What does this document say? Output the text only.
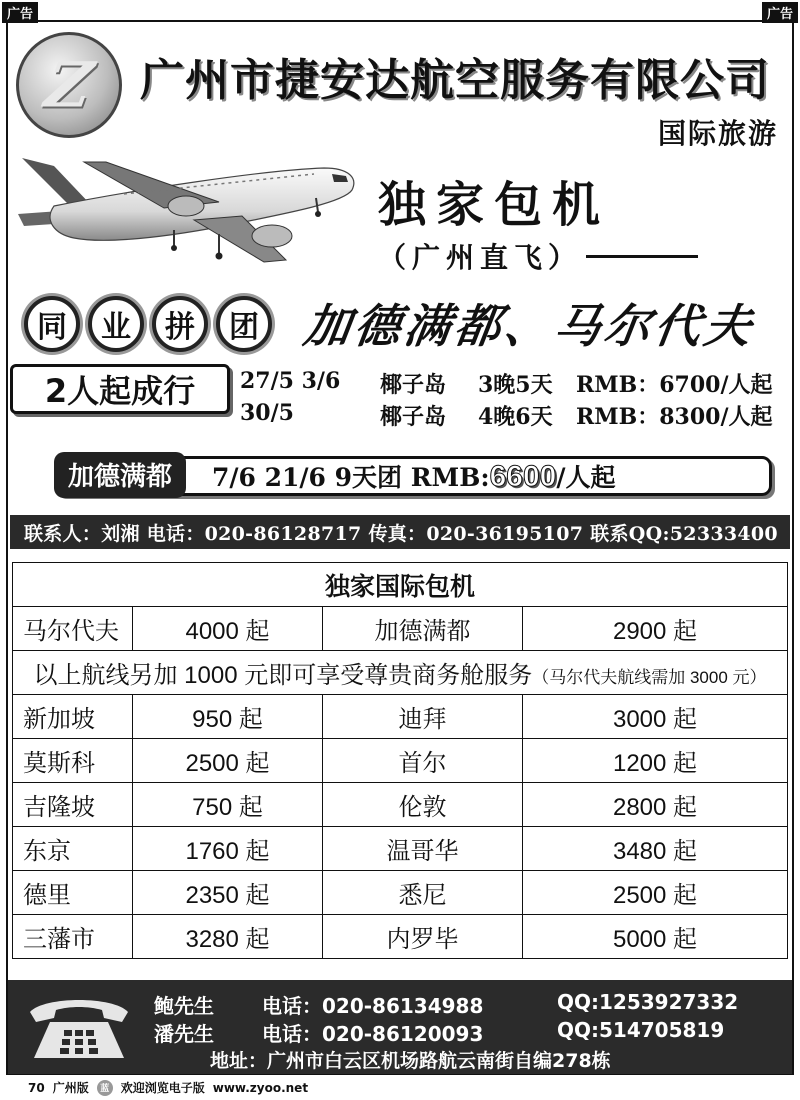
广告	广告
Z 广州市捷安达航空服务有限公司
国际旅游
独家包机
（广州直飞）
同	业	拼	团 加德满都、马尔代夫
2人起成行	27/5 3/6	椰子岛	3晚5天	RMB：6700/人起
30/5	椰子岛	4晚6天	RMB：8300/人起
加德满都	7/6 21/6 9天团 RMB:6600/人起
联系人：刘湘 电话：020-86128717 传真：020-36195107 联系QQ:52333400
独家国际包机			
马尔代夫	4000 起	加德满都	2900 起
以上航线另加 1000 元即可享受尊贵商务舱服务（马尔代夫航线需加 3000 元）			
新加坡	950 起	迪拜	3000 起
莫斯科	2500 起	首尔	1200 起
吉隆坡	750 起	伦敦	2800 起
东京	1760 起	温哥华	3480 起
德里	2350 起	悉尼	2500 起
三藩市	3280 起	内罗毕	5000 起
鲍先生	电话：020-86134988	QQ:1253927332
潘先生	电话：020-86120093	QQ:514705819
地址：广州市白云区机场路航云南街自编278栋
70 广州版	蓝 欢迎浏览电子版 www.zyoo.net
